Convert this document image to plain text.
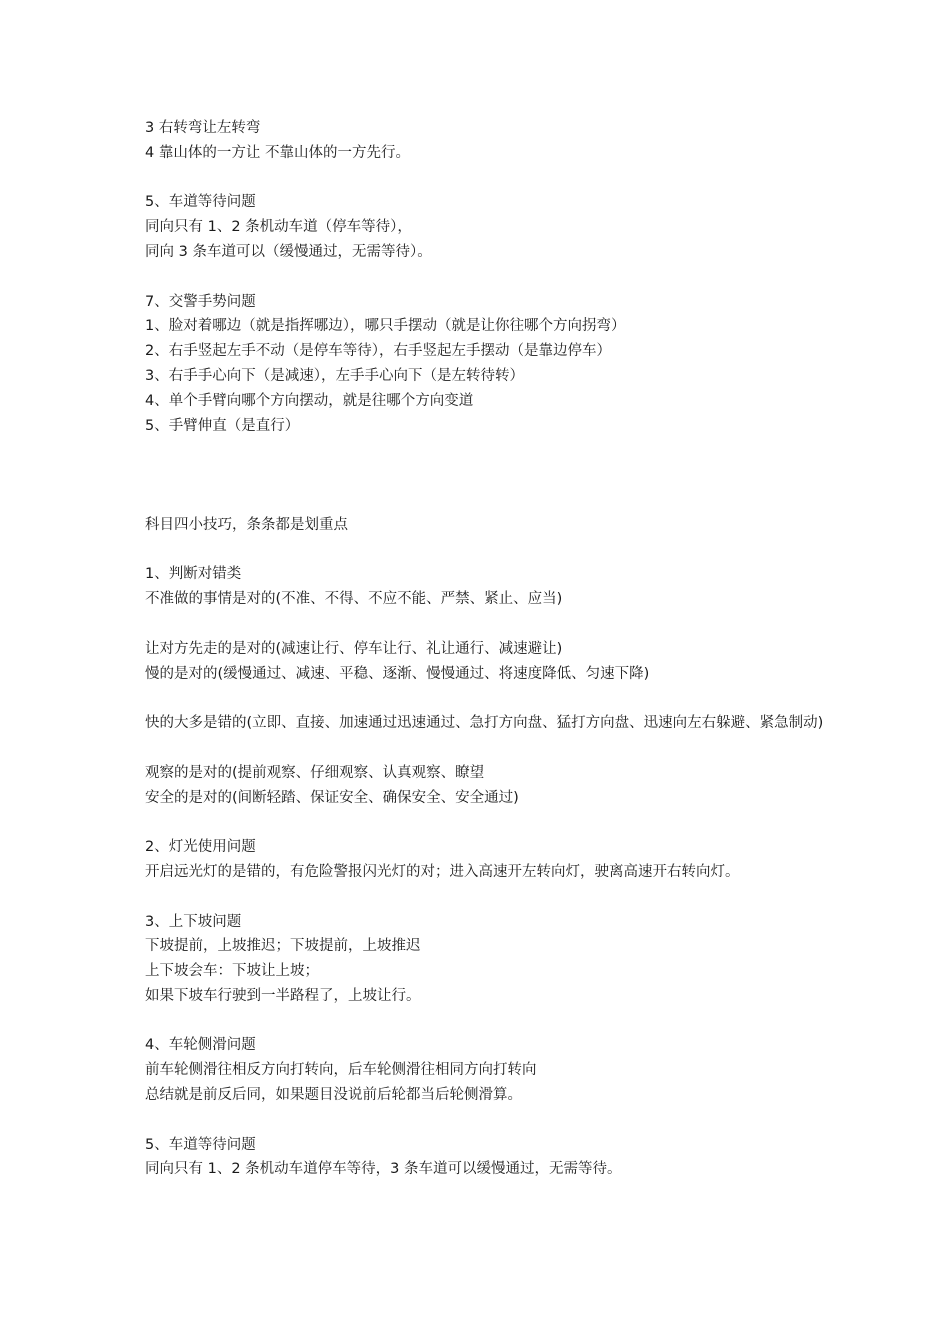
3 右转弯让左转弯
4 靠山体的一方让 不靠山体的一方先行。
5、车道等待问题
同向只有 1、2 条机动车道（停车等待），
同向 3 条车道可以（缓慢通过，无需等待）。
7、交警手势问题
1、脸对着哪边（就是指挥哪边），哪只手摆动（就是让你往哪个方向拐弯）
2、右手竖起左手不动（是停车等待），右手竖起左手摆动（是靠边停车）
3、右手手心向下（是减速），左手手心向下（是左转待转）
4、单个手臂向哪个方向摆动，就是往哪个方向变道
5、手臂伸直（是直行）
科目四小技巧，条条都是划重点
1、判断对错类
不准做的事情是对的(不准、不得、不应不能、严禁、紧止、应当)
让对方先走的是对的(减速让行、停车让行、礼让通行、减速避让)
慢的是对的(缓慢通过、减速、平稳、逐渐、慢慢通过、将速度降低、匀速下降)
快的大多是错的(立即、直接、加速通过迅速通过、急打方向盘、猛打方向盘、迅速向左右躲避、紧急制动)
观察的是对的(提前观察、仔细观察、认真观察、瞭望
安全的是对的(间断轻踏、保证安全、确保安全、安全通过)
2、灯光使用问题
开启远光灯的是错的，有危险警报闪光灯的对；进入高速开左转向灯，驶离高速开右转向灯。
3、上下坡问题
下坡提前，上坡推迟；下坡提前，上坡推迟
上下坡会车：下坡让上坡；
如果下坡车行驶到一半路程了，上坡让行。
4、车轮侧滑问题
前车轮侧滑往相反方向打转向，后车轮侧滑往相同方向打转向
总结就是前反后同，如果题目没说前后轮都当后轮侧滑算。
5、车道等待问题
同向只有 1、2 条机动车道停车等待，3 条车道可以缓慢通过，无需等待。
